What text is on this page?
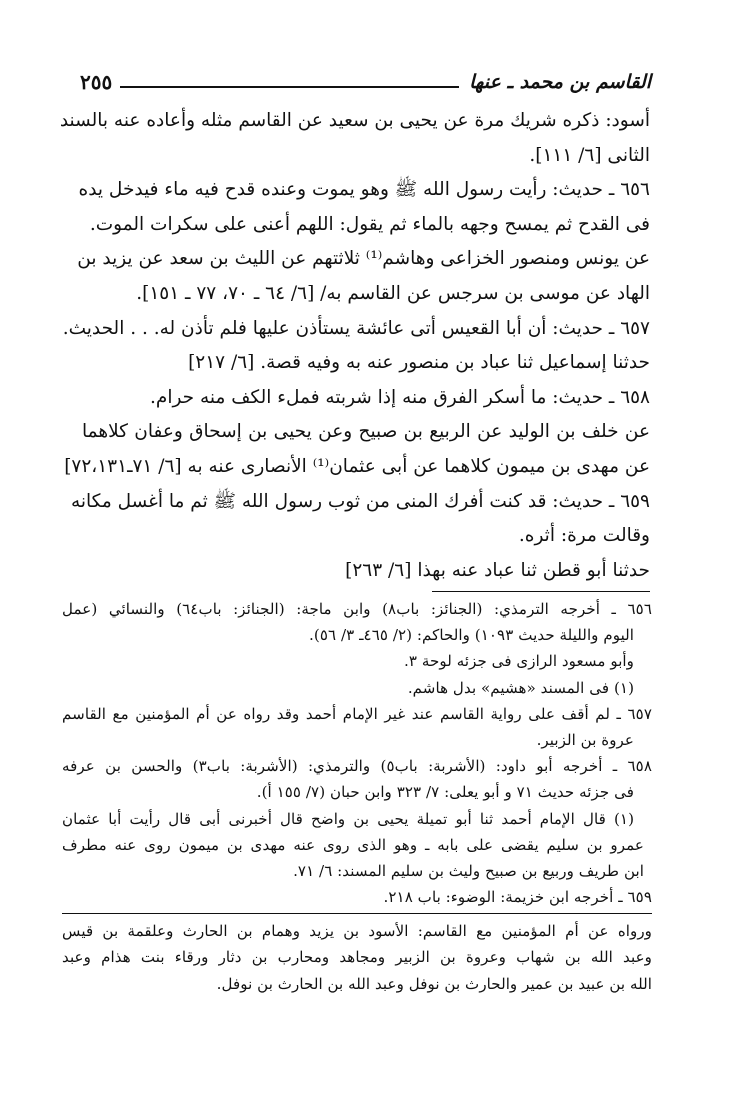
٢٥٥	القاسم بن محمد ـ عنها
أسود: ذكره شريك مرة عن يحيى بن سعيد عن القاسم مثله وأعاده عنه بالسند
الثانى [٦/ ١١١].
٦٥٦ ـ حديث: رأيت رسول الله ﷺ وهو يموت وعنده قدح فيه ماء فيدخل يده
فى القدح ثم يمسح وجهه بالماء ثم يقول: اللهم أعنى على سكرات الموت.
عن يونس ومنصور الخزاعى وهاشم⁽¹⁾ ثلاثتهم عن الليث بن سعد عن يزيد بن
الهاد عن موسى بن سرجس عن القاسم به/ [٦/ ٦٤ ـ ٧٠، ٧٧ ـ ١٥١].
٦٥٧ ـ حديث: أن أبا القعيس أتى عائشة يستأذن عليها فلم تأذن له. . . الحديث.
حدثنا إسماعيل ثنا عباد بن منصور عنه به وفيه قصة. [٦/ ٢١٧]
٦٥٨ ـ حديث: ما أسكر الفرق منه إذا شربته فملء الكف منه حرام.
عن خلف بن الوليد عن الربيع بن صبيح وعن يحيى بن إسحاق وعفان كلاهما
عن مهدى بن ميمون كلاهما عن أبى عثمان⁽¹⁾ الأنصارى عنه به [٦/ ٧١ـ٧٢،١٣١]
٦٥٩ ـ حديث: قد كنت أفرك المنى من ثوب رسول الله ﷺ ثم ما أغسل مكانه
وقالت مرة: أثره.
حدثنا أبو قطن ثنا عباد عنه بهذا [٦/ ٢٦٣]
٦٥٦ ـ أخرجه الترمذي: (الجنائز: باب٨) وابن ماجة: (الجنائز: باب٦٤) والنسائي (عمل
اليوم والليلة حديث ١٠٩٣) والحاكم: (٢/ ٤٦٥ـ ٣/ ٥٦).
وأبو مسعود الرازى فى جزئه لوحة ٣.
(١) فى المسند «هشيم» بدل هاشم.
٦٥٧ ـ لم أقف على رواية القاسم عند غير الإمام أحمد وقد رواه عن أم المؤمنين مع القاسم
عروة بن الزبير.
٦٥٨ ـ أخرجه أبو داود: (الأشربة: باب٥) والترمذي: (الأشربة: باب٣) والحسن بن عرفه
فى جزئه حديث ٧١ و أبو يعلى: ٧/ ٣٢٣ وابن حبان (٧/ ١٥٥ أ).
(١) قال الإمام أحمد ثنا أبو تميلة يحيى بن واضح قال أخبرنى أبى قال رأيت أبا عثمان
عمرو بن سليم يقضى على بابه ـ وهو الذى روى عنه مهدى بن ميمون روى عنه مطرف
ابن طريف وربيع بن صبيح وليث بن سليم المسند: ٦/ ٧١.
٦٥٩ ـ أخرجه ابن خزيمة: الوضوء: باب ٢١٨.
ورواه عن أم المؤمنين مع القاسم: الأسود بن يزيد وهمام بن الحارث وعلقمة بن قيس
وعبد الله بن شهاب وعروة بن الزبير ومجاهد ومحارب بن دثار ورقاء بنت هذام وعبد
الله بن عبيد بن عمير والحارث بن نوفل وعبد الله بن الحارث بن نوفل.
